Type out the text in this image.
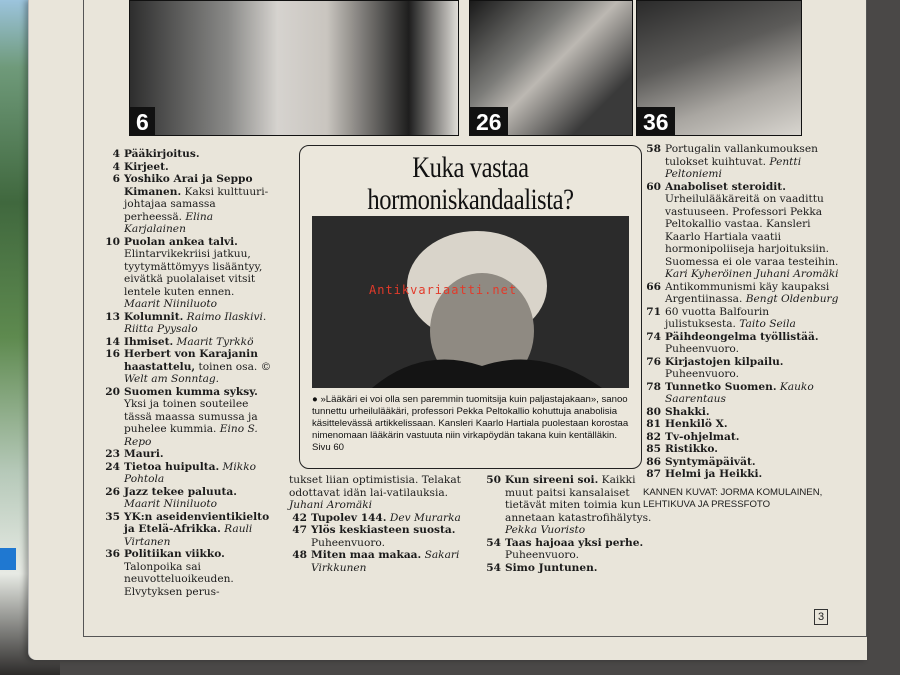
6	26	36
4 Pääkirjoitus.
4 Kirjeet.
6 Yoshiko Arai ja Seppo Kimanen. Kaksi kulttuuri-johtajaa samassa perheessä. Elina Karjalainen
10 Puolan ankea talvi. Elintarvikekriisi jatkuu, tyytymättömyys lisääntyy, eivätkä puolalaiset vitsit lentele kuten ennen. Maarit Niiniluoto
13 Kolumnit. Raimo Ilaskivi. Riitta Pyysalo
14 Ihmiset. Maarit Tyrkkö
16 Herbert von Karajanin haastattelu, toinen osa. © Welt am Sonntag.
20 Suomen kumma syksy. Yksi ja toinen souteilee tässä maassa sumussa ja puhelee kummia. Eino S. Repo
23 Mauri.
24 Tietoa huipulta. Mikko Pohtola
26 Jazz tekee paluuta. Maarit Niiniluoto
35 YK:n aseidenvientikielto ja Etelä-Afrikka. Rauli Virtanen
36 Politiikan viikko. Talonpoika sai neuvotteluoikeuden. Elvytyksen perus-
tukset liian optimistisia. Telakat odottavat idän lai-vatilauksia. Juhani Aromäki
42 Tupolev 144. Dev Murarka
47 Ylös keskiasteen suosta. Puheenvuoro.
48 Miten maa makaa. Sakari Virkkunen
50 Kun sireeni soi. Kaikki muut paitsi kansalaiset tietävät miten toimia kun annetaan katastrofihälytys. Pekka Vuoristo
54 Taas hajoaa yksi perhe. Puheenvuoro.
54 Simo Juntunen.
58 Portugalin vallankumouksen tulokset kuihtuvat. Pentti Peltoniemi
60 Anaboliset steroidit. Urheilulääkäreitä on vaadittu vastuuseen. Professori Pekka Peltokallio vastaa. Kansleri Kaarlo Hartiala vaatii hormonipoliiseja harjoituksiin. Suomessa ei ole varaa testeihin. Kari Kyheröinen Juhani Aromäki
66 Antikommunismi käy kaupaksi Argentiinassa. Bengt Oldenburg
71 60 vuotta Balfourin julistuksesta. Taito Seila
74 Päihdeongelma työllistää. Puheenvuoro.
76 Kirjastojen kilpailu. Puheenvuoro.
78 Tunnetko Suomen. Kauko Saarentaus
80 Shakki.
81 Henkilö X.
82 Tv-ohjelmat.
85 Ristikko.
86 Syntymäpäivät.
87 Helmi ja Heikki.
KANNEN KUVAT: JORMA KOMULAINEN, LEHTIKUVA JA PRESSFOTO
Kuka vastaa
hormoniskandaalista?
● »Lääkäri ei voi olla sen paremmin tuomitsija kuin paljastajakaan», sanoo tunnettu urheilulääkäri, professori Pekka Peltokallio kohuttuja anabolisia käsittelevässä artikkelissaan. Kansleri Kaarlo Hartiala puolestaan korostaa nimenomaan lääkärin vastuuta niin virkapöydän takana kuin kentälläkin. Sivu 60
Antikvariaatti.net
3
